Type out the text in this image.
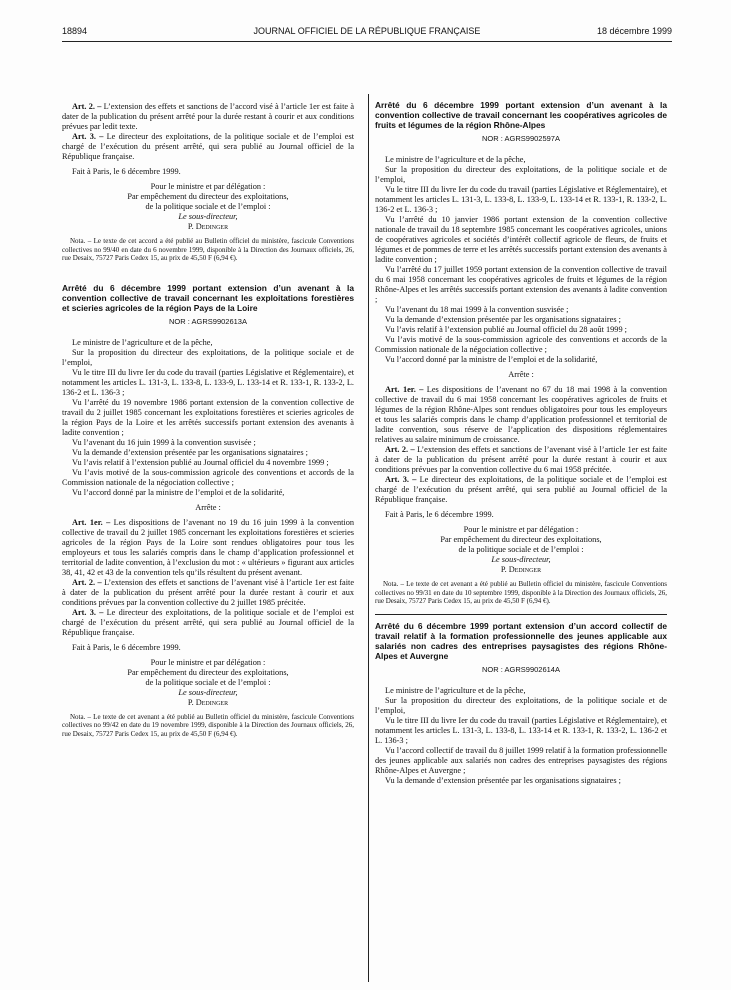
18894	JOURNAL OFFICIEL DE LA RÉPUBLIQUE FRANÇAISE	18 décembre 1999

Art. 2. – L’extension des effets et sanctions de l’accord visé à l’article 1er est faite à dater de la publication du présent arrêté pour la durée restant à courir et aux conditions prévues par ledit texte.

Art. 3. – Le directeur des exploitations, de la politique sociale et de l’emploi est chargé de l’exécution du présent arrêté, qui sera publié au Journal officiel de la République française.

Fait à Paris, le 6 décembre 1999.

Pour le ministre et par délégation :
Par empêchement du directeur des exploitations,
de la politique sociale et de l’emploi :
Le sous-directeur,
P. Dedinger

Nota. – Le texte de cet accord a été publié au Bulletin officiel du ministère, fascicule Conventions collectives no 99/40 en date du 6 novembre 1999, disponible à la Direction des Journaux officiels, 26, rue Desaix, 75727 Paris Cedex 15, au prix de 45,50 F (6,94 €).

Arrêté du 6 décembre 1999 portant extension d’un avenant à la convention collective de travail concernant les exploitations forestières et scieries agricoles de la région Pays de la Loire
NOR : AGRS9902613A

Le ministre de l’agriculture et de la pêche,

Sur la proposition du directeur des exploitations, de la politique sociale et de l’emploi,

Vu le titre III du livre Ier du code du travail (parties Législative et Réglementaire), et notamment les articles L. 131-3, L. 133-8, L. 133-9, L. 133-14 et R. 133-1, R. 133-2, L. 136-2 et L. 136-3 ;

Vu l’arrêté du 19 novembre 1986 portant extension de la convention collective de travail du 2 juillet 1985 concernant les exploitations forestières et scieries agricoles de la région Pays de la Loire et les arrêtés successifs portant extension des avenants à ladite convention ;

Vu l’avenant du 16 juin 1999 à la convention susvisée ;

Vu la demande d’extension présentée par les organisations signataires ;

Vu l’avis relatif à l’extension publié au Journal officiel du 4 novembre 1999 ;

Vu l’avis motivé de la sous-commission agricole des conventions et accords de la Commission nationale de la négociation collective ;

Vu l’accord donné par la ministre de l’emploi et de la solidarité,

Arrête :

Art. 1er. – Les dispositions de l’avenant no 19 du 16 juin 1999 à la convention collective de travail du 2 juillet 1985 concernant les exploitations forestières et scieries agricoles de la région Pays de la Loire sont rendues obligatoires pour tous les employeurs et tous les salariés compris dans le champ d’application professionnel et territorial de ladite convention, à l’exclusion du mot : « ultérieurs » figurant aux articles 38, 41, 42 et 43 de la convention tels qu’ils résultent du présent avenant.

Art. 2. – L’extension des effets et sanctions de l’avenant visé à l’article 1er est faite à dater de la publication du présent arrêté pour la durée restant à courir et aux conditions prévues par la convention collective du 2 juillet 1985 précitée.

Art. 3. – Le directeur des exploitations, de la politique sociale et de l’emploi est chargé de l’exécution du présent arrêté, qui sera publié au Journal officiel de la République française.

Fait à Paris, le 6 décembre 1999.

Pour le ministre et par délégation :
Par empêchement du directeur des exploitations,
de la politique sociale et de l’emploi :
Le sous-directeur,
P. Dedinger

Nota. – Le texte de cet avenant a été publié au Bulletin officiel du ministère, fascicule Conventions collectives no 99/42 en date du 19 novembre 1999, disponible à la Direction des Journaux officiels, 26, rue Desaix, 75727 Paris Cedex 15, au prix de 45,50 F (6,94 €).

Arrêté du 6 décembre 1999 portant extension d’un avenant à la convention collective de travail concernant les coopératives agricoles de fruits et légumes de la région Rhône-Alpes
NOR : AGRS9902597A

Le ministre de l’agriculture et de la pêche,

Sur la proposition du directeur des exploitations, de la politique sociale et de l’emploi,

Vu le titre III du livre Ier du code du travail (parties Législative et Réglementaire), et notamment les articles L. 131-3, L. 133-8, L. 133-9, L. 133-14 et R. 133-1, R. 133-2, L. 136-2 et L. 136-3 ;

Vu l’arrêté du 10 janvier 1986 portant extension de la convention collective nationale de travail du 18 septembre 1985 concernant les coopératives agricoles, unions de coopératives agricoles et sociétés d’intérêt collectif agricole de fleurs, de fruits et légumes et de pommes de terre et les arrêtés successifs portant extension des avenants à ladite convention ;

Vu l’arrêté du 17 juillet 1959 portant extension de la convention collective de travail du 6 mai 1958 concernant les coopératives agricoles de fruits et légumes de la région Rhône-Alpes et les arrêtés successifs portant extension des avenants à ladite convention ;

Vu l’avenant du 18 mai 1999 à la convention susvisée ;

Vu la demande d’extension présentée par les organisations signataires ;

Vu l’avis relatif à l’extension publié au Journal officiel du 28 août 1999 ;

Vu l’avis motivé de la sous-commission agricole des conventions et accords de la Commission nationale de la négociation collective ;

Vu l’accord donné par la ministre de l’emploi et de la solidarité,

Arrête :

Art. 1er. – Les dispositions de l’avenant no 67 du 18 mai 1998 à la convention collective de travail du 6 mai 1958 concernant les coopératives agricoles de fruits et légumes de la région Rhône-Alpes sont rendues obligatoires pour tous les employeurs et tous les salariés compris dans le champ d’application professionnel et territorial de ladite convention, sous réserve de l’application des dispositions réglementaires relatives au salaire minimum de croissance.

Art. 2. – L’extension des effets et sanctions de l’avenant visé à l’article 1er est faite à dater de la publication du présent arrêté pour la durée restant à courir et aux conditions prévues par la convention collective du 6 mai 1958 précitée.

Art. 3. – Le directeur des exploitations, de la politique sociale et de l’emploi est chargé de l’exécution du présent arrêté, qui sera publié au Journal officiel de la République française.

Fait à Paris, le 6 décembre 1999.

Pour le ministre et par délégation :
Par empêchement du directeur des exploitations,
de la politique sociale et de l’emploi :
Le sous-directeur,
P. Dedinger

Nota. – Le texte de cet avenant a été publié au Bulletin officiel du ministère, fascicule Conventions collectives no 99/31 en date du 10 septembre 1999, disponible à la Direction des Journaux officiels, 26, rue Desaix, 75727 Paris Cedex 15, au prix de 45,50 F (6,94 €).

Arrêté du 6 décembre 1999 portant extension d’un accord collectif de travail relatif à la formation professionnelle des jeunes applicable aux salariés non cadres des entreprises paysagistes des régions Rhône-Alpes et Auvergne
NOR : AGRS9902614A

Le ministre de l’agriculture et de la pêche,

Sur la proposition du directeur des exploitations, de la politique sociale et de l’emploi,

Vu le titre III du livre Ier du code du travail (parties Législative et Réglementaire), et notamment les articles L. 131-3, L. 133-8, L. 133-14 et R. 133-1, R. 133-2, L. 136-2 et L. 136-3 ;

Vu l’accord collectif de travail du 8 juillet 1999 relatif à la formation professionnelle des jeunes applicable aux salariés non cadres des entreprises paysagistes des régions Rhône-Alpes et Auvergne ;

Vu la demande d’extension présentée par les organisations signataires ;
